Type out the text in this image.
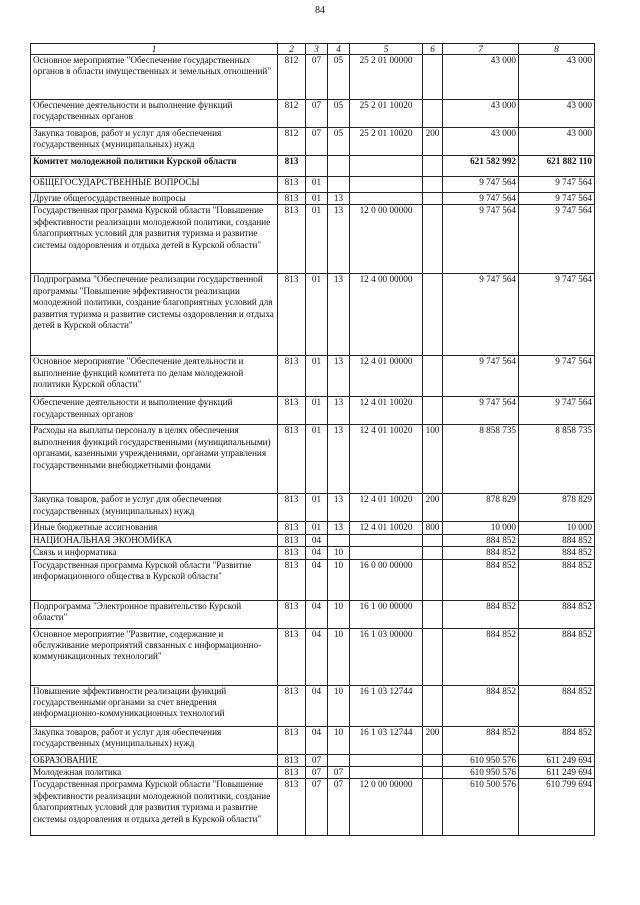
84
1	2	3	4	5	6	7	8
Основное мероприятие "Обеспечение государственных органов в области имущественных и земельных отношений"	812	07	05	25 2 01 00000		43 000	43 000
Обеспечение деятельности и выполнение функций государственных органов	812	07	05	25 2 01 10020		43 000	43 000
Закупка товаров, работ и услуг для обеспечения государственных (муниципальных) нужд	812	07	05	25 2 01 10020	200	43 000	43 000
Комитет молодежной политики Курской области	813					621 582 992	621 882 110
ОБЩЕГОСУДАРСТВЕННЫЕ ВОПРОСЫ	813	01				9 747 564	9 747 564
Другие общегосударственные вопросы	813	01	13			9 747 564	9 747 564
Государственная программа Курской области "Повышение эффективности реализации молодежной политики, создание благоприятных условий для развития туризма и развитие системы оздоровления и отдыха детей в Курской области"	813	01	13	12 0 00 00000		9 747 564	9 747 564
Подпрограмма "Обеспечение реализации государственной программы "Повышение эффективности реализации молодежной политики, создание благоприятных условий для развития туризма и развитие системы оздоровления и отдыха детей в Курской области"	813	01	13	12 4 00 00000		9 747 564	9 747 564
Основное мероприятие "Обеспечение деятельности и выполнение функций комитета по делам молодежной политики Курской области"	813	01	13	12 4 01 00000		9 747 564	9 747 564
Обеспечение деятельности и выполнение функций государственных органов	813	01	13	12 4 01 10020		9 747 564	9 747 564
Расходы на выплаты персоналу в целях обеспечения выполнения функций государственными (муниципальными) органами, казенными учреждениями, органами управления государственными внебюджетными фондами	813	01	13	12 4 01 10020	100	8 858 735	8 858 735
Закупка товаров, работ и услуг для обеспечения государственных (муниципальных) нужд	813	01	13	12 4 01 10020	200	878 829	878 829
Иные бюджетные ассигнования	813	01	13	12 4 01 10020	800	10 000	10 000
НАЦИОНАЛЬНАЯ ЭКОНОМИКА	813	04				884 852	884 852
Связь и информатика	813	04	10			884 852	884 852
Государственная программа Курской области "Развитие информационного общества в Курской области"	813	04	10	16 0 00 00000		884 852	884 852
Подпрограмма "Электронное правительство Курской области"	813	04	10	16 1 00 00000		884 852	884 852
Основное мероприятие "Развитие, содержание и обслуживание мероприятий связанных с информационно-коммуникационных технологий"	813	04	10	16 1 03 00000		884 852	884 852
Повышение эффективности реализации функций государственными органами за счет внедрения информационно-коммуникационных технологий	813	04	10	16 1 03 12744		884 852	884 852
Закупка товаров, работ и услуг для обеспечения государственных (муниципальных) нужд	813	04	10	16 1 03 12744	200	884 852	884 852
ОБРАЗОВАНИЕ	813	07				610 950 576	611 249 694
Молодежная политика	813	07	07			610 950 576	611 249 694
Государственная программа Курской области "Повышение эффективности реализации молодежной политики, создание благоприятных условий для развития туризма и развитие системы оздоровления и отдыха детей в Курской области"	813	07	07	12 0 00 00000		610 500 576	610 799 694
